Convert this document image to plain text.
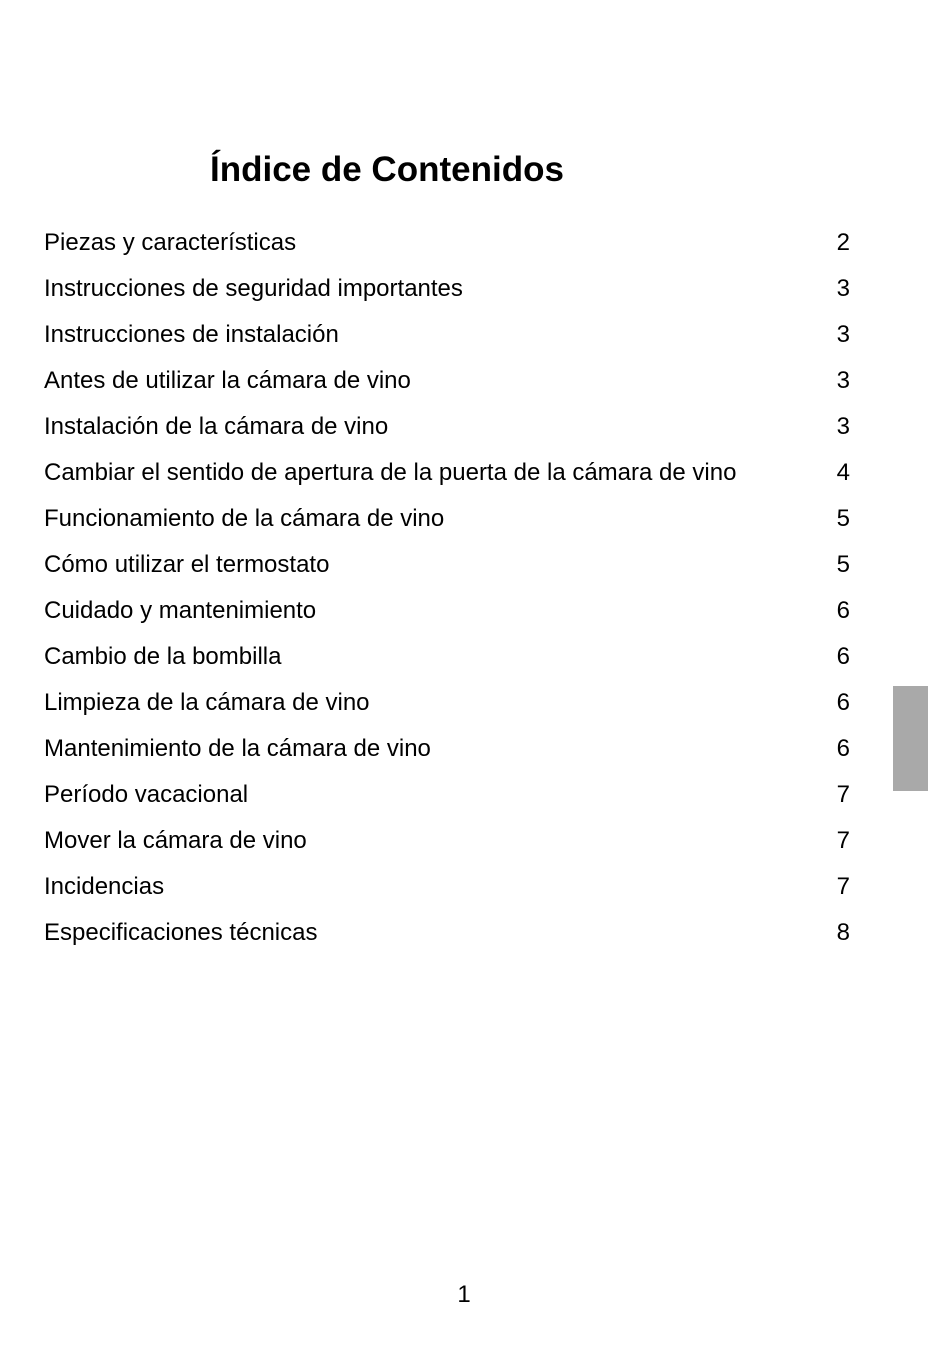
Índice de Contenidos
Piezas y características	2
Instrucciones de seguridad importantes	3
Instrucciones de instalación	3
Antes de utilizar la cámara de vino	3
Instalación de la cámara de vino	3
Cambiar el sentido de apertura de la puerta de la cámara de vino	4
Funcionamiento de la cámara de vino	5
Cómo utilizar el termostato	5
Cuidado y mantenimiento	6
Cambio de la bombilla	6
Limpieza de la cámara de vino	6
Mantenimiento de la cámara de vino	6
Período vacacional	7
Mover la cámara de vino	7
Incidencias	7
Especificaciones técnicas	8
1
